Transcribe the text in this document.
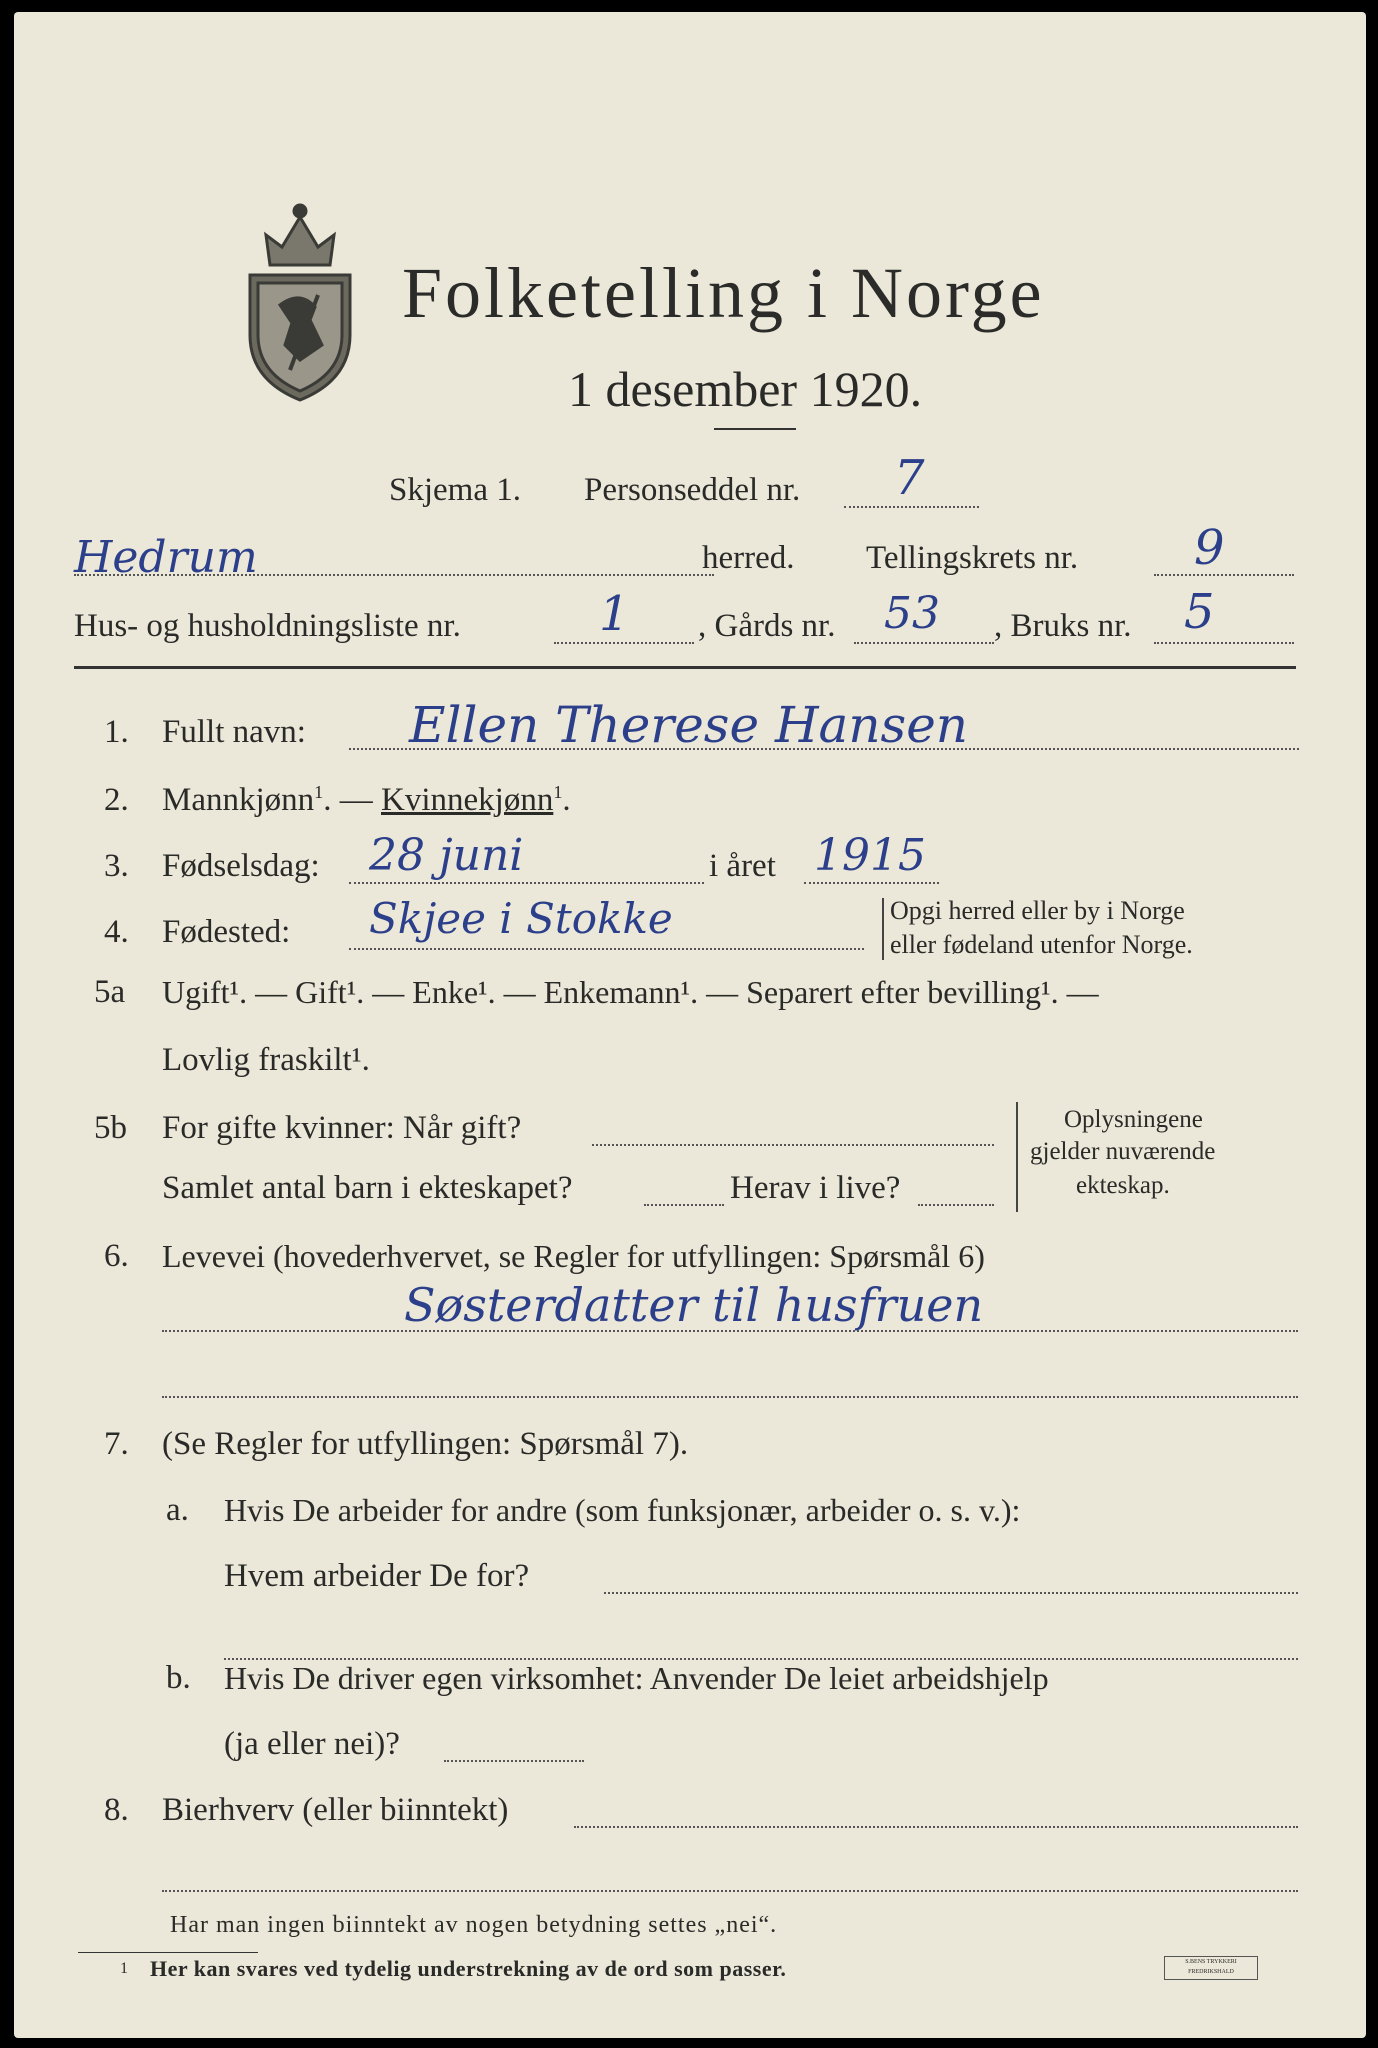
Folketelling i Norge
1 desember 1920.
Skjema 1. Personseddel nr. 7
Hedrum	herred. Tellingskrets nr. 9
Hus- og husholdningsliste nr.	1 , Gårds nr. 53 , Bruks nr. 5
1. Fullt navn: Ellen Therese Hansen
2. Mannkjønn$^1$. — Kvinnekjønn$^1$.
3. Fødselsdag: 28 juni	i året 1915
4. Fødested: Skjee i Stokke	Opgi herred eller by i Norge
eller fødeland utenfor Norge.
5a Ugift¹. — Gift¹. — Enke¹. — Enkemann¹. — Separert efter bevilling¹. —
Lovlig fraskilt¹.
5b For gifte kvinner: Når gift?
Samlet antal barn i ekteskapet?	Herav i live?
Oplysningene
gjelder nuværende
ekteskap.
6. Levevei (hovederhvervet, se Regler for utfyllingen: Spørsmål 6)
Søsterdatter til husfruen
7. (Se Regler for utfyllingen: Spørsmål 7).
a. Hvis De arbeider for andre (som funksjonær, arbeider o. s. v.):
Hvem arbeider De for?
b. Hvis De driver egen virksomhet: Anvender De leiet arbeidshjelp
(ja eller nei)?
8. Bierhverv (eller biinntekt)
Har man ingen biinntekt av nogen betydning settes „nei“.
1 Her kan svares ved tydelig understrekning av de ord som passer.	S.BENS TRYKKERI FREDRIKSHALD
